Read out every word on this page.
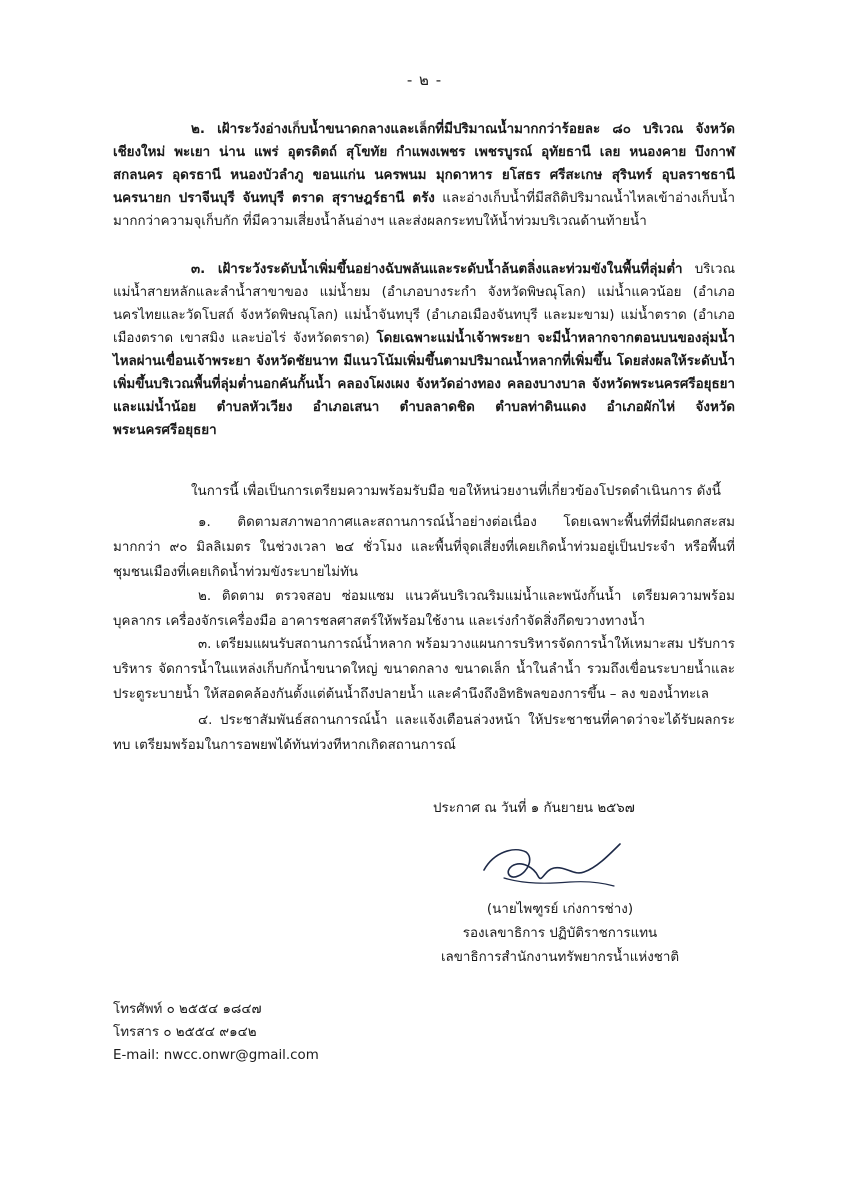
- ๒ -

๒. เฝ้าระวังอ่างเก็บน้ำขนาดกลางและเล็กที่มีปริมาณน้ำมากกว่าร้อยละ ๘๐ บริเวณ จังหวัดเชียงใหม่ พะเยา น่าน แพร่ อุตรดิตถ์ สุโขทัย กำแพงเพชร เพชรบูรณ์ อุทัยธานี เลย หนองคาย บึงกาฬ สกลนคร อุดรธานี หนองบัวลำภู ขอนแก่น นครพนม มุกดาหาร ยโสธร ศรีสะเกษ สุรินทร์ อุบลราชธานี นครนายก ปราจีนบุรี จันทบุรี ตราด สุราษฎร์ธานี ตรัง และอ่างเก็บน้ำที่มีสถิติปริมาณน้ำไหลเข้าอ่างเก็บน้ำมากกว่าความจุเก็บกัก ที่มีความเสี่ยงน้ำล้นอ่างฯ และส่งผลกระทบให้น้ำท่วมบริเวณด้านท้ายน้ำ

๓. เฝ้าระวังระดับน้ำเพิ่มขึ้นอย่างฉับพลันและระดับน้ำล้นตลิ่งและท่วมขังในพื้นที่ลุ่มต่ำ บริเวณแม่น้ำสายหลักและลำน้ำสาขาของ แม่น้ำยม (อำเภอบางระกำ จังหวัดพิษณุโลก) แม่น้ำแควน้อย (อำเภอนครไทยและวัดโบสถ์ จังหวัดพิษณุโลก) แม่น้ำจันทบุรี (อำเภอเมืองจันทบุรี และมะขาม) แม่น้ำตราด (อำเภอเมืองตราด เขาสมิง และบ่อไร่ จังหวัดตราด) โดยเฉพาะแม่น้ำเจ้าพระยา จะมีน้ำหลากจากตอนบนของลุ่มน้ำไหลผ่านเขื่อนเจ้าพระยา จังหวัดชัยนาท มีแนวโน้มเพิ่มขึ้นตามปริมาณน้ำหลากที่เพิ่มขึ้น โดยส่งผลให้ระดับน้ำเพิ่มขึ้นบริเวณพื้นที่ลุ่มต่ำนอกคันกั้นน้ำ คลองโผงเผง จังหวัดอ่างทอง คลองบางบาล จังหวัดพระนครศรีอยุธยา และแม่น้ำน้อย ตำบลหัวเวียง อำเภอเสนา ตำบลลาดชิด ตำบลท่าดินแดง อำเภอผักไห่ จังหวัดพระนครศรีอยุธยา

ในการนี้ เพื่อเป็นการเตรียมความพร้อมรับมือ ขอให้หน่วยงานที่เกี่ยวข้องโปรดดำเนินการ ดังนี้

๑. ติดตามสภาพอากาศและสถานการณ์น้ำอย่างต่อเนื่อง โดยเฉพาะพื้นที่ที่มีฝนตกสะสมมากกว่า ๙๐ มิลลิเมตร ในช่วงเวลา ๒๔ ชั่วโมง และพื้นที่จุดเสี่ยงที่เคยเกิดน้ำท่วมอยู่เป็นประจำ หรือพื้นที่ชุมชนเมืองที่เคยเกิดน้ำท่วมขังระบายไม่ทัน

๒. ติดตาม ตรวจสอบ ซ่อมแซม แนวคันบริเวณริมแม่น้ำและพนังกั้นน้ำ เตรียมความพร้อม บุคลากร เครื่องจักรเครื่องมือ อาคารชลศาสตร์ให้พร้อมใช้งาน และเร่งกำจัดสิ่งกีดขวางทางน้ำ

๓. เตรียมแผนรับสถานการณ์น้ำหลาก พร้อมวางแผนการบริหารจัดการน้ำให้เหมาะสม ปรับการบริหาร จัดการน้ำในแหล่งเก็บกักน้ำขนาดใหญ่ ขนาดกลาง ขนาดเล็ก น้ำในลำน้ำ รวมถึงเขื่อนระบายน้ำและประตูระบายน้ำ ให้สอดคล้องกันตั้งแต่ต้นน้ำถึงปลายน้ำ และคำนึงถึงอิทธิพลของการขึ้น – ลง ของน้ำทะเล

๔. ประชาสัมพันธ์สถานการณ์น้ำ และแจ้งเตือนล่วงหน้า ให้ประชาชนที่คาดว่าจะได้รับผลกระทบ เตรียมพร้อมในการอพยพได้ทันท่วงทีหากเกิดสถานการณ์

ประกาศ ณ วันที่ ๑ กันยายน ๒๕๖๗
(นายไพฑูรย์ เก่งการช่าง)
รองเลขาธิการ ปฏิบัติราชการแทน
เลขาธิการสำนักงานทรัพยากรน้ำแห่งชาติ
โทรศัพท์ ๐ ๒๕๕๔ ๑๘๔๗
โทรสาร ๐ ๒๕๕๔ ๙๑๔๒
E-mail: nwcc.onwr@gmail.com
